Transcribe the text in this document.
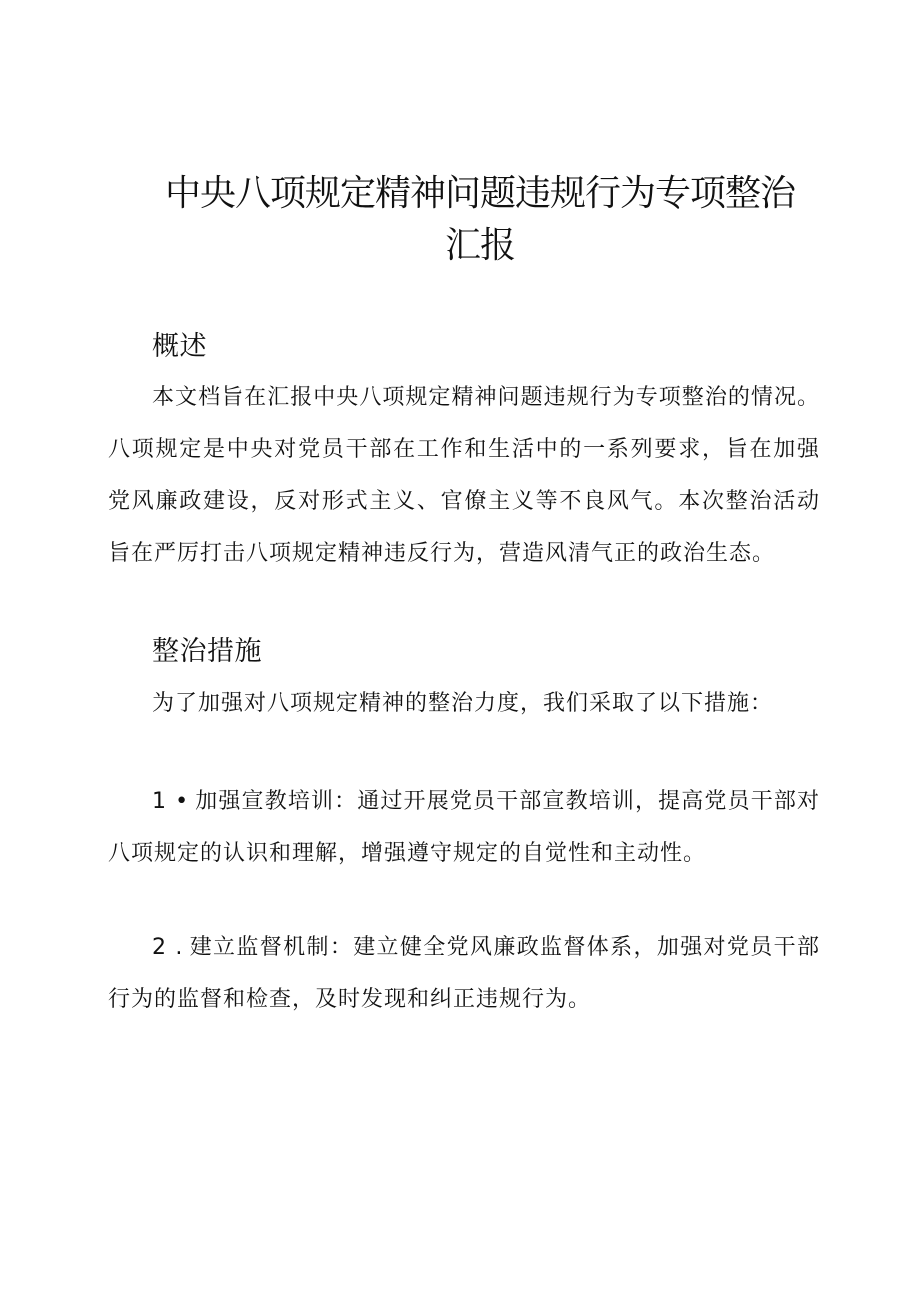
中央八项规定精神问题违规行为专项整治汇报
概述

本文档旨在汇报中央八项规定精神问题违规行为专项整治的情况。八项规定是中央对党员干部在工作和生活中的一系列要求，旨在加强党风廉政建设，反对形式主义、官僚主义等不良风气。本次整治活动旨在严厉打击八项规定精神违反行为，营造风清气正的政治生态。

整治措施

为了加强对八项规定精神的整治力度，我们采取了以下措施：

1 • 加强宣教培训：通过开展党员干部宣教培训，提高党员干部对八项规定的认识和理解，增强遵守规定的自觉性和主动性。

2 . 建立监督机制：建立健全党风廉政监督体系，加强对党员干部行为的监督和检查，及时发现和纠正违规行为。
